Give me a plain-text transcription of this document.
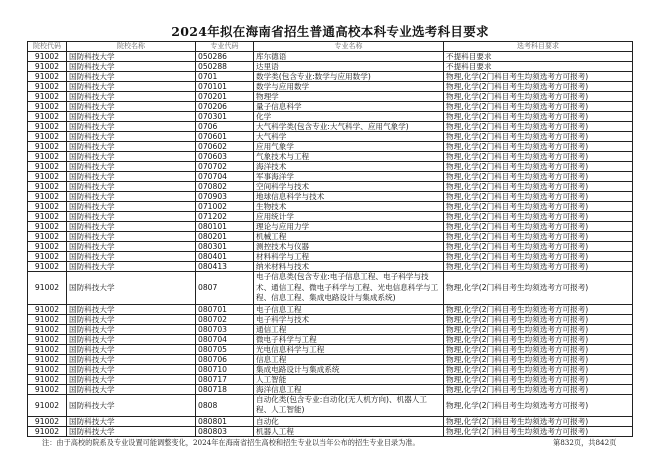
2024年拟在海南省招生普通高校本科专业选考科目要求
院校代码	院校名称	专业代码	专业名称	选考科目要求
91002	国防科技大学	050286	库尔德语	不提科目要求
91002	国防科技大学	050288	达里语	不提科目要求
91002	国防科技大学	0701	数学类(包含专业:数学与应用数学)	物理,化学(2门科目考生均须选考方可报考)
91002	国防科技大学	070101	数学与应用数学	物理,化学(2门科目考生均须选考方可报考)
91002	国防科技大学	070201	物理学	物理,化学(2门科目考生均须选考方可报考)
91002	国防科技大学	070206	量子信息科学	物理,化学(2门科目考生均须选考方可报考)
91002	国防科技大学	070301	化学	物理,化学(2门科目考生均须选考方可报考)
91002	国防科技大学	0706	大气科学类(包含专业:大气科学、应用气象学)	物理,化学(2门科目考生均须选考方可报考)
91002	国防科技大学	070601	大气科学	物理,化学(2门科目考生均须选考方可报考)
91002	国防科技大学	070602	应用气象学	物理,化学(2门科目考生均须选考方可报考)
91002	国防科技大学	070603	气象技术与工程	物理,化学(2门科目考生均须选考方可报考)
91002	国防科技大学	070702	海洋技术	物理,化学(2门科目考生均须选考方可报考)
91002	国防科技大学	070704	军事海洋学	物理,化学(2门科目考生均须选考方可报考)
91002	国防科技大学	070802	空间科学与技术	物理,化学(2门科目考生均须选考方可报考)
91002	国防科技大学	070903	地球信息科学与技术	物理,化学(2门科目考生均须选考方可报考)
91002	国防科技大学	071002	生物技术	物理,化学(2门科目考生均须选考方可报考)
91002	国防科技大学	071202	应用统计学	物理,化学(2门科目考生均须选考方可报考)
91002	国防科技大学	080101	理论与应用力学	物理,化学(2门科目考生均须选考方可报考)
91002	国防科技大学	080201	机械工程	物理,化学(2门科目考生均须选考方可报考)
91002	国防科技大学	080301	测控技术与仪器	物理,化学(2门科目考生均须选考方可报考)
91002	国防科技大学	080401	材料科学与工程	物理,化学(2门科目考生均须选考方可报考)
91002	国防科技大学	080413	纳米材料与技术	物理,化学(2门科目考生均须选考方可报考)
91002	国防科技大学	0807	电子信息类(包含专业:电子信息工程、电子科学与技术、通信工程、微电子科学与工程、光电信息科学与工程、信息工程、集成电路设计与集成系统)	物理,化学(2门科目考生均须选考方可报考)
91002	国防科技大学	080701	电子信息工程	物理,化学(2门科目考生均须选考方可报考)
91002	国防科技大学	080702	电子科学与技术	物理,化学(2门科目考生均须选考方可报考)
91002	国防科技大学	080703	通信工程	物理,化学(2门科目考生均须选考方可报考)
91002	国防科技大学	080704	微电子科学与工程	物理,化学(2门科目考生均须选考方可报考)
91002	国防科技大学	080705	光电信息科学与工程	物理,化学(2门科目考生均须选考方可报考)
91002	国防科技大学	080706	信息工程	物理,化学(2门科目考生均须选考方可报考)
91002	国防科技大学	080710	集成电路设计与集成系统	物理,化学(2门科目考生均须选考方可报考)
91002	国防科技大学	080717	人工智能	物理,化学(2门科目考生均须选考方可报考)
91002	国防科技大学	080718	海洋信息工程	物理,化学(2门科目考生均须选考方可报考)
91002	国防科技大学	0808	自动化类(包含专业:自动化(无人机方向)、机器人工程、人工智能)	物理,化学(2门科目考生均须选考方可报考)
91002	国防科技大学	080801	自动化	物理,化学(2门科目考生均须选考方可报考)
91002	国防科技大学	080803	机器人工程	物理,化学(2门科目考生均须选考方可报考)
注：由于高校的院系及专业设置可能调整变化，2024年在海南省招生高校和招生专业以当年公布的招生专业目录为准。	第832页，共842页
